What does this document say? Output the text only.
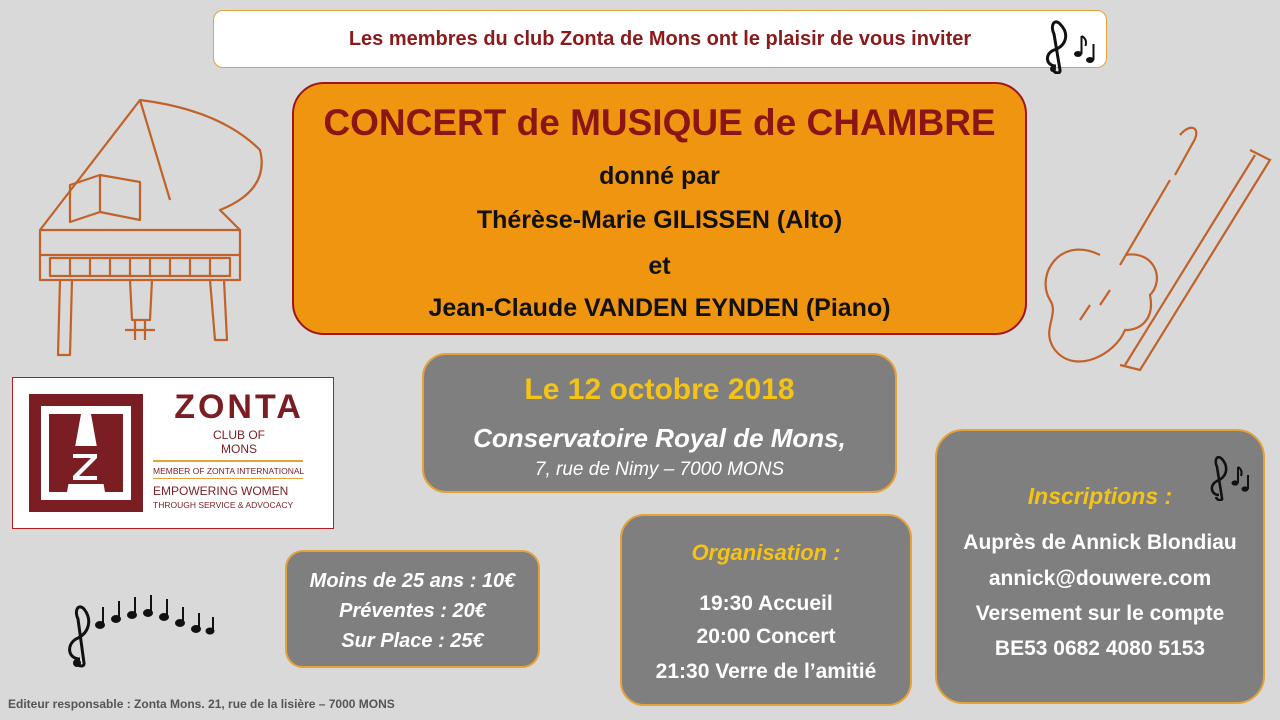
Les membres du club Zonta de Mons ont le plaisir de vous inviter
CONCERT de MUSIQUE de CHAMBRE
donné par
Thérèse-Marie GILISSEN (Alto)
et
Jean-Claude VANDEN EYNDEN (Piano)
ZONTA
CLUB OF
MONS
MEMBER OF ZONTA INTERNATIONAL
EMPOWERING WOMEN
THROUGH SERVICE & ADVOCACY
Le 12 octobre 2018
Conservatoire Royal de Mons,
7, rue de Nimy – 7000 MONS
Moins de 25 ans : 10€
Préventes : 20€
Sur Place : 25€
Organisation :
19:30 Accueil
20:00 Concert
21:30 Verre de l’amitié
Inscriptions :
Auprès de Annick Blondiau
annick@douwere.com
Versement sur le compte
BE53 0682 4080 5153
Editeur responsable : Zonta Mons. 21, rue de la lisière – 7000 MONS
